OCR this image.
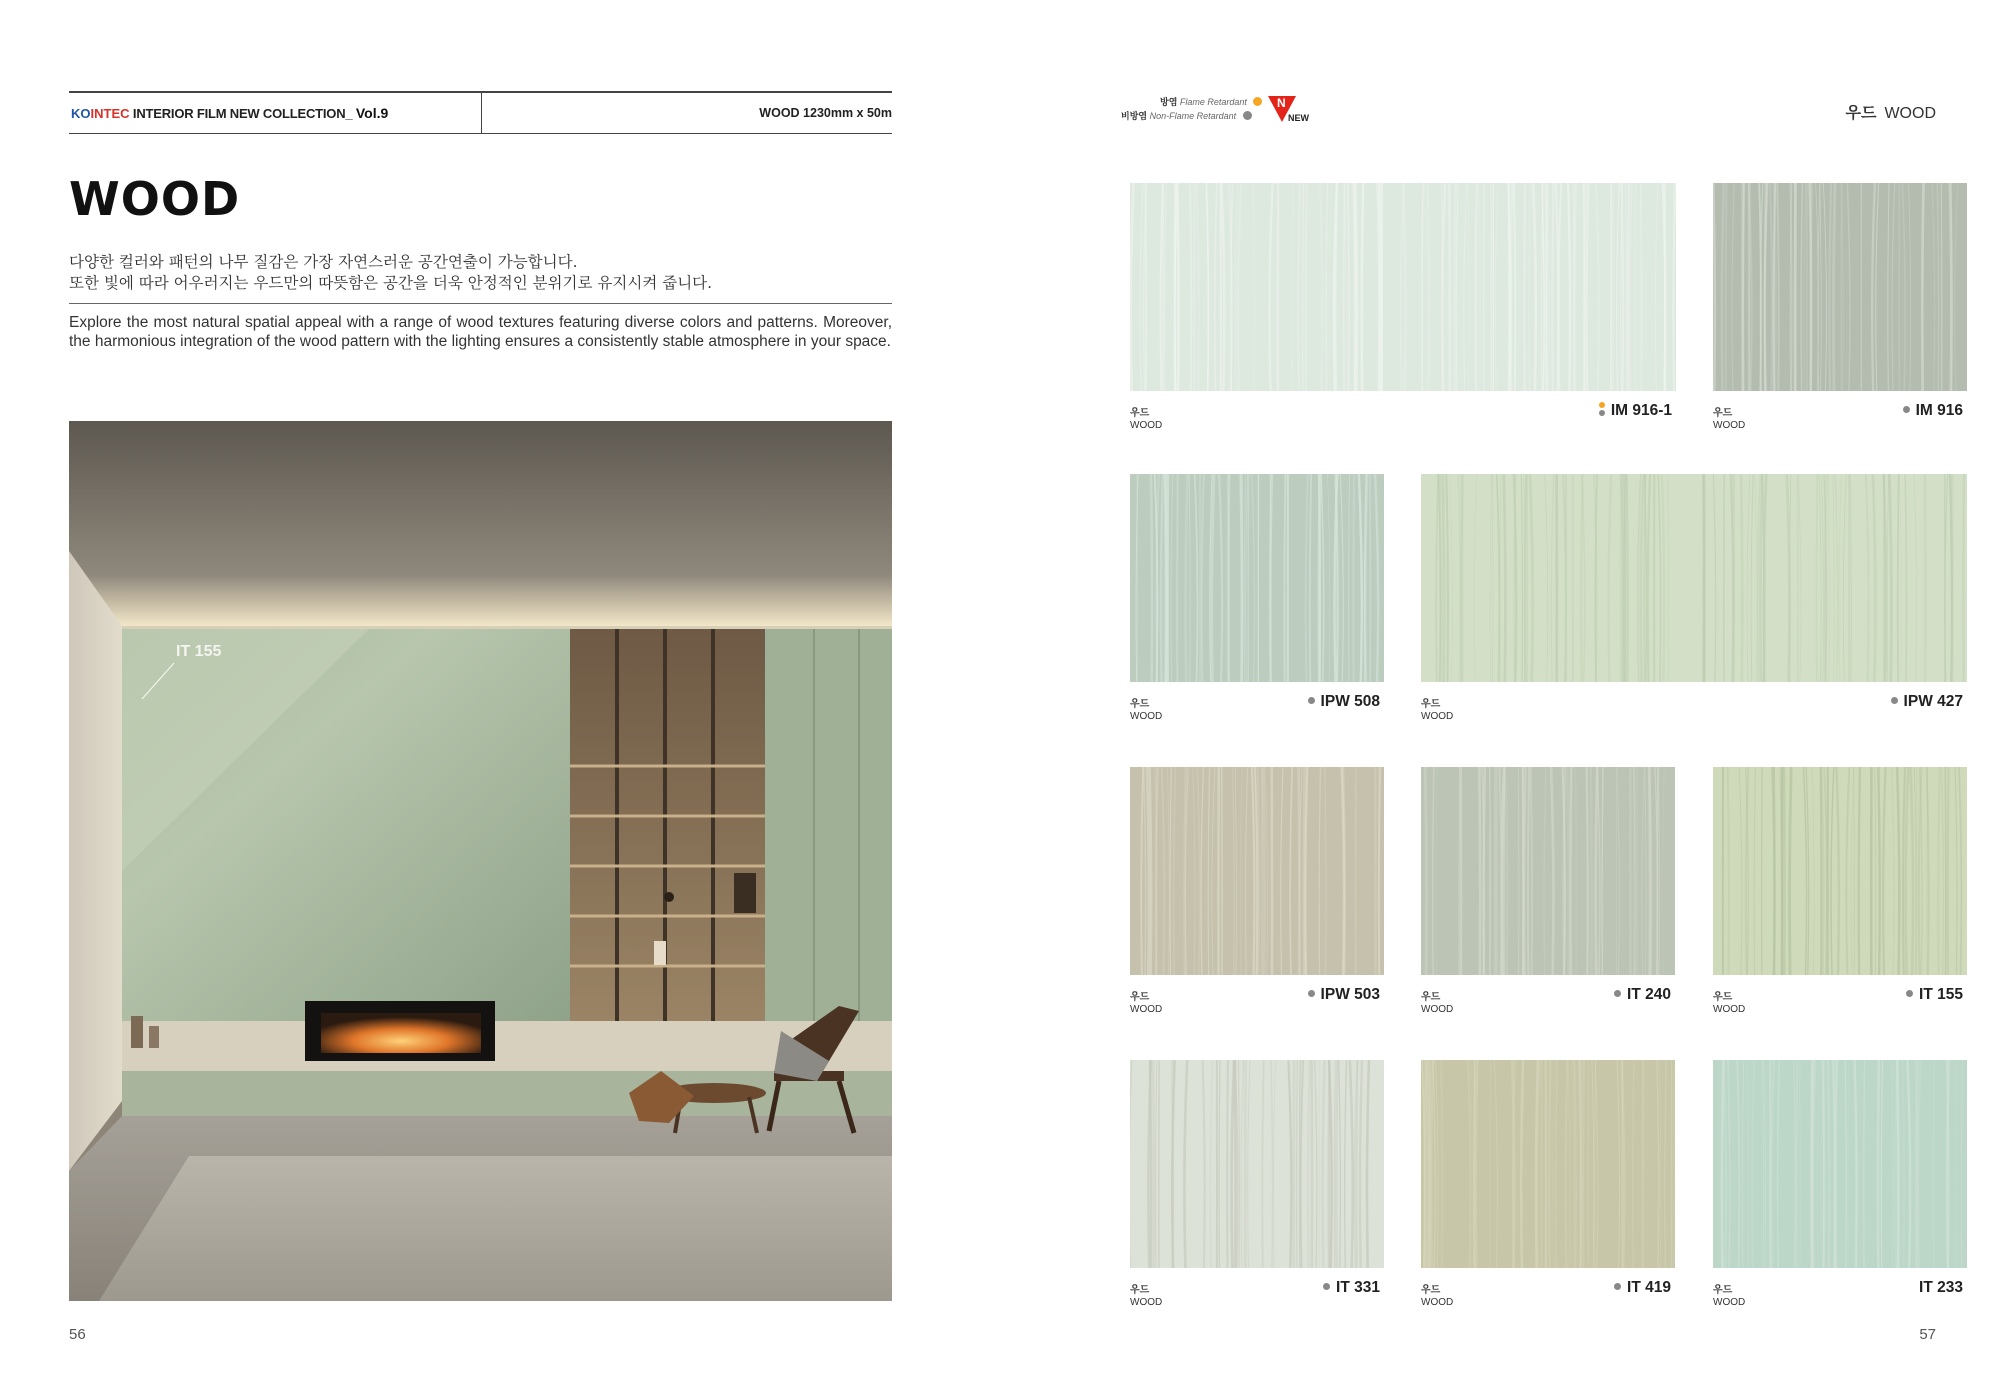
KOINTEC INTERIOR FILM NEW COLLECTION_ Vol.9	WOOD 1230mm x 50m
WOOD
다양한 컬러와 패턴의 나무 질감은 가장 자연스러운 공간연출이 가능합니다.
또한 빛에 따라 어우러지는 우드만의 따뜻함은 공간을 더욱 안정적인 분위기로 유지시켜 줍니다.
Explore the most natural spatial appeal with a range of wood textures featuring diverse colors and patterns. Moreover, the harmonious integration of the wood pattern with the lighting ensures a consistently stable atmosphere in your space.
IT 155
56
방염 Flame Retardant
비방염 Non-Flame Retardant
N
NEW	우드 WOOD
우드
WOOD
IM 916-1	우드
WOOD
IM 916
우드
WOOD
IPW 508	우드
WOOD
IPW 427
우드
WOOD
IPW 503	우드
WOOD
IT 240	우드
WOOD
IT 155
우드
WOOD
IT 331	우드
WOOD
IT 419	우드
WOOD
IT 233
57
